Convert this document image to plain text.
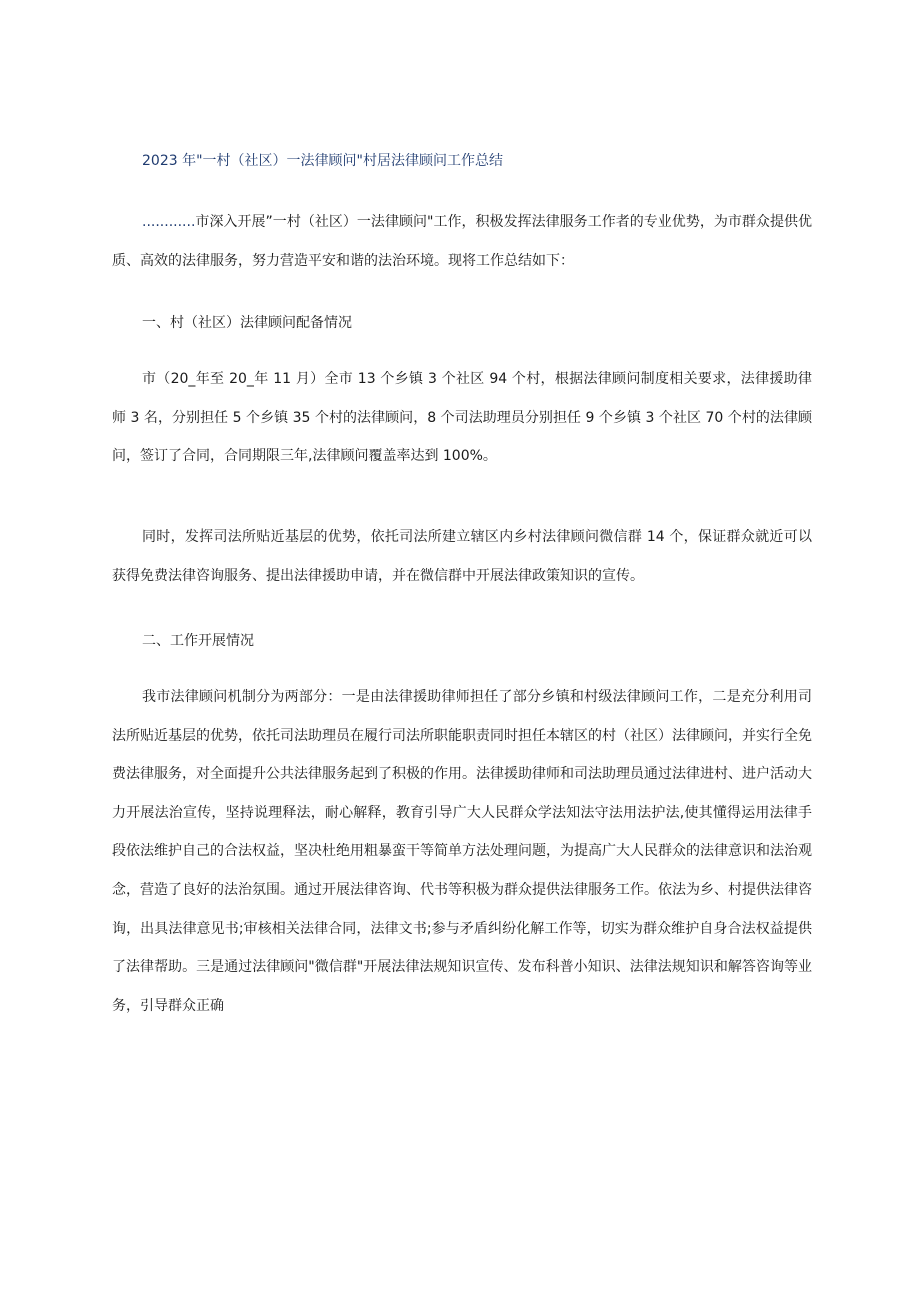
2023 年"一村（社区）一法律顾问"村居法律顾问工作总结

............市深入开展”一村（社区）一法律顾问"工作，积极发挥法律服务工作者的专业优势，为市群众提供优质、高效的法律服务，努力营造平安和谐的法治环境。现将工作总结如下：

一、村（社区）法律顾问配备情况

市（20_年至 20_年 11 月）全市 13 个乡镇 3 个社区 94 个村，根据法律顾问制度相关要求，法律援助律师 3 名，分别担任 5 个乡镇 35 个村的法律顾问，8 个司法助理员分别担任 9 个乡镇 3 个社区 70 个村的法律顾问，签订了合同，合同期限三年,法律顾问覆盖率达到 100%。

同时，发挥司法所贴近基层的优势，依托司法所建立辖区内乡村法律顾问微信群 14 个，保证群众就近可以获得免费法律咨询服务、提出法律援助申请，并在微信群中开展法律政策知识的宣传。

二、工作开展情况

我市法律顾问机制分为两部分：一是由法律援助律师担任了部分乡镇和村级法律顾问工作，二是充分利用司法所贴近基层的优势，依托司法助理员在履行司法所职能职责同时担任本辖区的村（社区）法律顾问，并实行全免费法律服务，对全面提升公共法律服务起到了积极的作用。法律援助律师和司法助理员通过法律进村、进户活动大力开展法治宣传，坚持说理释法，耐心解释，教育引导广大人民群众学法知法守法用法护法,使其懂得运用法律手段依法维护自己的合法权益，坚决杜绝用粗暴蛮干等简单方法处理问题，为提高广大人民群众的法律意识和法治观念，营造了良好的法治氛围。通过开展法律咨询、代书等积极为群众提供法律服务工作。依法为乡、村提供法律咨询，出具法律意见书;审核相关法律合同，法律文书;参与矛盾纠纷化解工作等，切实为群众维护自身合法权益提供了法律帮助。三是通过法律顾问"微信群"开展法律法规知识宣传、发布科普小知识、法律法规知识和解答咨询等业务，引导群众正确
